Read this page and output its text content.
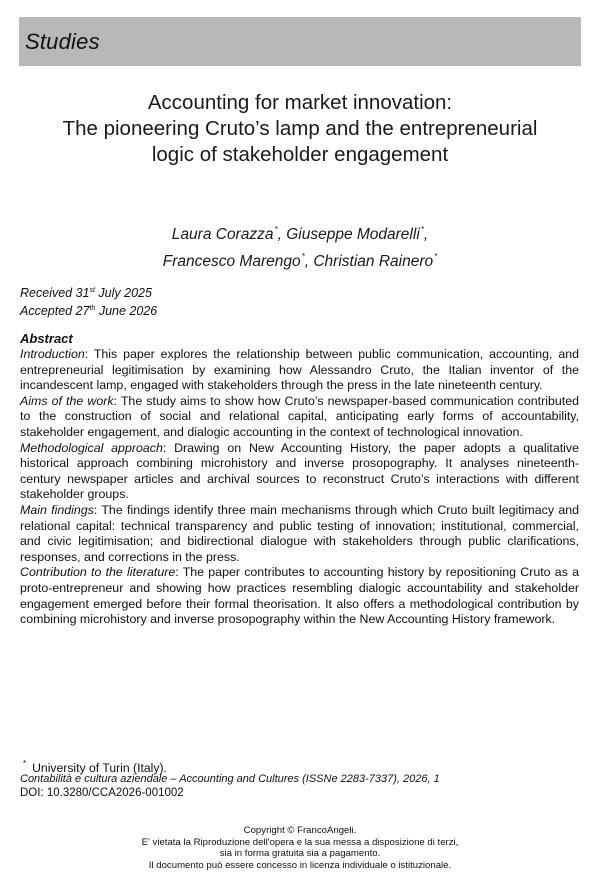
Studies
Accounting for market innovation:
The pioneering Cruto’s lamp and the entrepreneurial
logic of stakeholder engagement
Laura Corazza*, Giuseppe Modarelli*,
Francesco Marengo*, Christian Rainero*
Received 31st July 2025
Accepted 27th June 2026
Abstract

Introduction: This paper explores the relationship between public communication, accounting, and entrepreneurial legitimisation by examining how Alessandro Cruto, the Italian inventor of the incandescent lamp, engaged with stakeholders through the press in the late nineteenth century.

Aims of the work: The study aims to show how Cruto’s newspaper-based communication contributed to the construction of social and relational capital, anticipating early forms of accountability, stakeholder engagement, and dialogic accounting in the context of technological innovation.

Methodological approach: Drawing on New Accounting History, the paper adopts a qualitative historical approach combining microhistory and inverse prosopography. It analyses nineteenth-century newspaper articles and archival sources to reconstruct Cruto’s interactions with different stakeholder groups.

Main findings: The findings identify three main mechanisms through which Cruto built legitimacy and relational capital: technical transparency and public testing of innovation; institutional, commercial, and civic legitimisation; and bidirectional dialogue with stakeholders through public clarifications, responses, and corrections in the press.

Contribution to the literature: The paper contributes to accounting history by repositioning Cruto as a proto-entrepreneur and showing how practices resembling dialogic accountability and stakeholder engagement emerged before their formal theorisation. It also offers a methodological contribution by combining microhistory and inverse prosopography within the New Accounting History framework.

* University of Turin (Italy).
Contabilità e cultura aziendale – Accounting and Cultures (ISSNe 2283-7337), 2026, 1
DOI: 10.3280/CCA2026-001002
Copyright © FrancoAngeli.
E' vietata la Riproduzione dell'opera e la sua messa a disposizione di terzi,
sia in forma gratuita sia a pagamento.
Il documento può essere concesso in licenza individuale o istituzionale.
